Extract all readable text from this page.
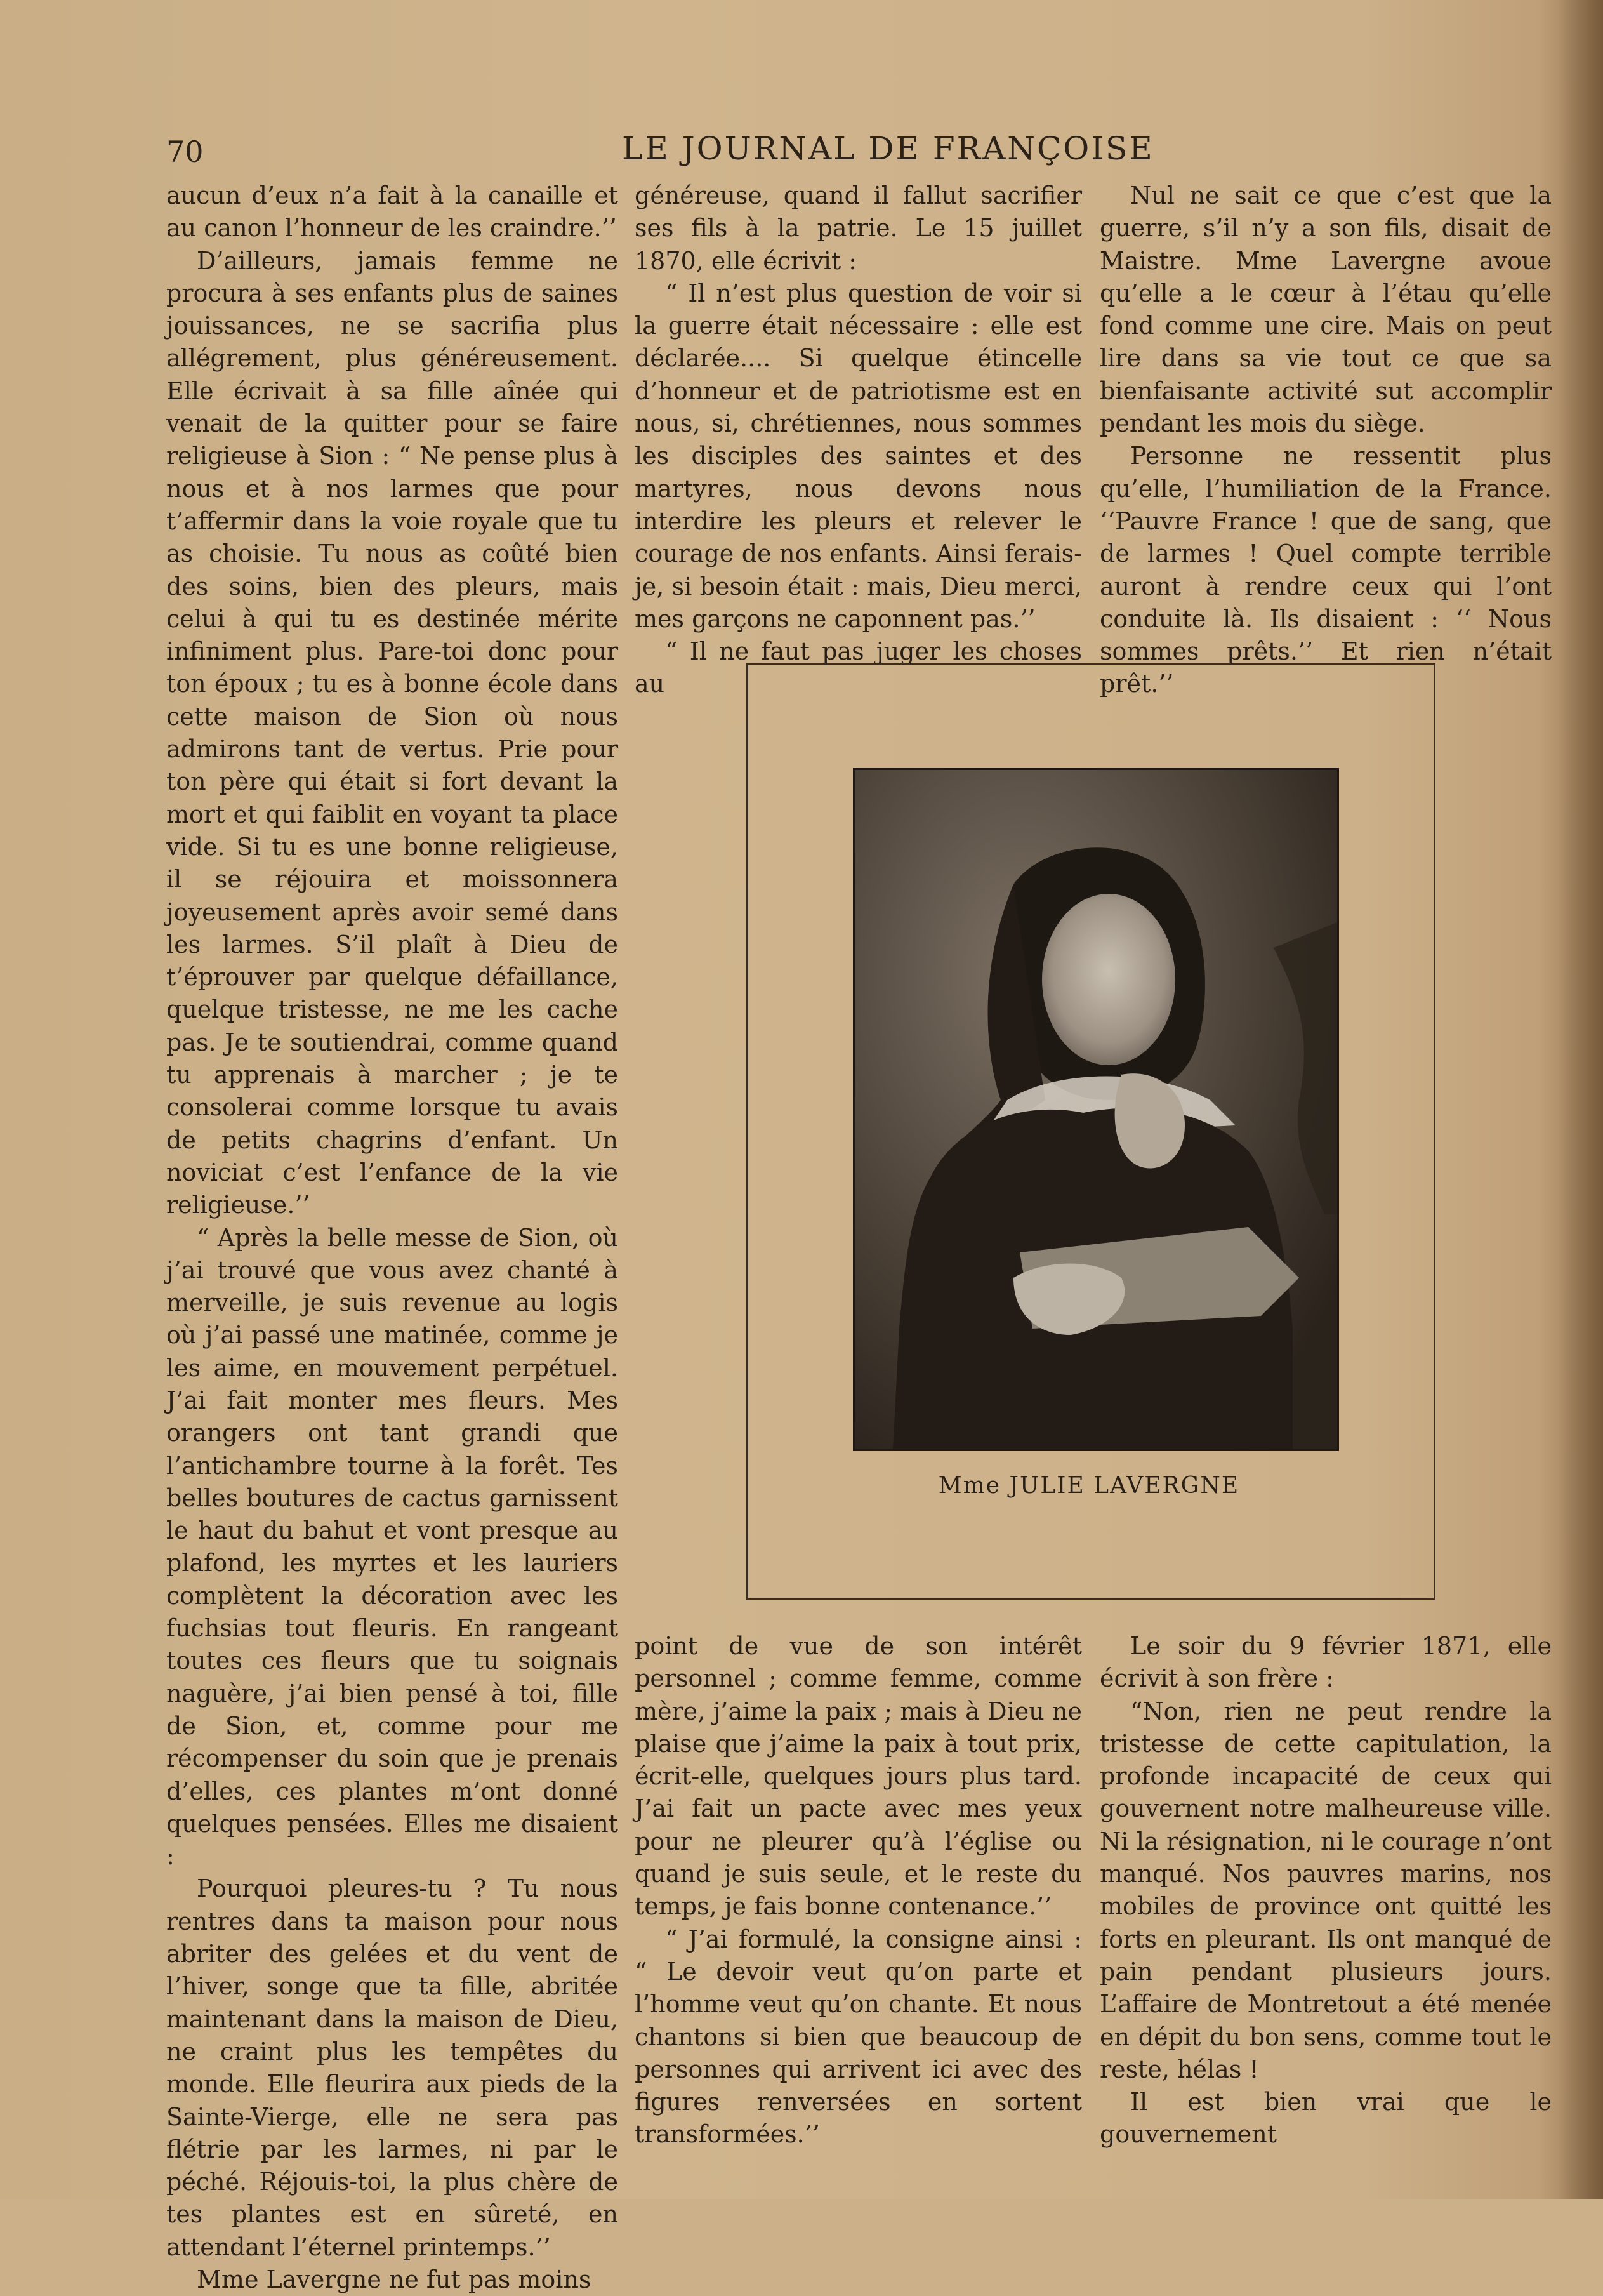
70	LE JOURNAL DE FRANÇOISE

aucun d’eux n’a fait à la canaille et au canon l’honneur de les craindre.’’

D’ailleurs, jamais femme ne procura à ses enfants plus de saines jouissances, ne se sacrifia plus allégrement, plus généreusement. Elle écrivait à sa fille aînée qui venait de la quitter pour se faire religieuse à Sion : “ Ne pense plus à nous et à nos larmes que pour t’affermir dans la voie royale que tu as choisie. Tu nous as coûté bien des soins, bien des pleurs, mais celui à qui tu es destinée mérite infiniment plus. Pare-toi donc pour ton époux ; tu es à bonne école dans cette maison de Sion où nous admirons tant de vertus. Prie pour ton père qui était si fort devant la mort et qui faiblit en voyant ta place vide. Si tu es une bonne religieuse, il se réjouira et moissonnera joyeusement après avoir semé dans les larmes. S’il plaît à Dieu de t’éprouver par quelque défaillance, quelque tristesse, ne me les cache pas. Je te soutiendrai, comme quand tu apprenais à marcher ; je te consolerai comme lorsque tu avais de petits chagrins d’enfant. Un noviciat c’est l’enfance de la vie religieuse.’’

“ Après la belle messe de Sion, où j’ai trouvé que vous avez chanté à merveille, je suis revenue au logis où j’ai passé une matinée, comme je les aime, en mouvement perpétuel. J’ai fait monter mes fleurs. Mes orangers ont tant grandi que l’antichambre tourne à la forêt. Tes belles boutures de cactus garnissent le haut du bahut et vont presque au plafond, les myrtes et les lauriers complètent la décoration avec les fuchsias tout fleuris. En rangeant toutes ces fleurs que tu soignais naguère, j’ai bien pensé à toi, fille de Sion, et, comme pour me récompenser du soin que je prenais d’elles, ces plantes m’ont donné quelques pensées. Elles me disaient :

Pourquoi pleures-tu ? Tu nous rentres dans ta maison pour nous abriter des gelées et du vent de l’hiver, songe que ta fille, abritée maintenant dans la maison de Dieu, ne craint plus les tempêtes du monde. Elle fleurira aux pieds de la Sainte-Vierge, elle ne sera pas flétrie par les larmes, ni par le péché. Réjouis-toi, la plus chère de tes plantes est en sûreté, en attendant l’éternel printemps.’’

Mme Lavergne ne fut pas moins

généreuse, quand il fallut sacrifier ses fils à la patrie. Le 15 juillet 1870, elle écrivit :

“ Il n’est plus question de voir si la guerre était nécessaire : elle est déclarée.... Si quelque étincelle d’honneur et de patriotisme est en nous, si, chrétiennes, nous sommes les disciples des saintes et des martyres, nous devons nous interdire les pleurs et relever le courage de nos enfants. Ainsi ferais-je, si besoin était : mais, Dieu merci, mes garçons ne caponnent pas.’’

“ Il ne faut pas juger les choses au

Nul ne sait ce que c’est que la guerre, s’il n’y a son fils, disait de Maistre. Mme Lavergne avoue qu’elle a le cœur à l’étau qu’elle fond comme une cire. Mais on peut lire dans sa vie tout ce que sa bienfaisante activité sut accomplir pendant les mois du siège.

Personne ne ressentit plus qu’elle, l’humiliation de la France. ‘‘Pauvre France ! que de sang, que de larmes ! Quel compte terrible auront à rendre ceux qui l’ont conduite là. Ils disaient : ‘‘ Nous sommes prêts.’’ Et rien n’était prêt.’’

Mme JULIE LAVERGNE

point de vue de son intérêt personnel ; comme femme, comme mère, j’aime la paix ; mais à Dieu ne plaise que j’aime la paix à tout prix, écrit-elle, quelques jours plus tard. J’ai fait un pacte avec mes yeux pour ne pleurer qu’à l’église ou quand je suis seule, et le reste du temps, je fais bonne contenance.’’

“ J’ai formulé, la consigne ainsi : “ Le devoir veut qu’on parte et l’homme veut qu’on chante. Et nous chantons si bien que beaucoup de personnes qui arrivent ici avec des figures renversées en sortent transformées.’’

Le soir du 9 février 1871, elle écrivit à son frère :

“Non, rien ne peut rendre la tristesse de cette capitulation, la profonde incapacité de ceux qui gouvernent notre malheureuse ville. Ni la résignation, ni le courage n’ont manqué. Nos pauvres marins, nos mobiles de province ont quitté les forts en pleurant. Ils ont manqué de pain pendant plusieurs jours. L’affaire de Montretout a été menée en dépit du bon sens, comme tout le reste, hélas !

Il est bien vrai que le gouvernement
